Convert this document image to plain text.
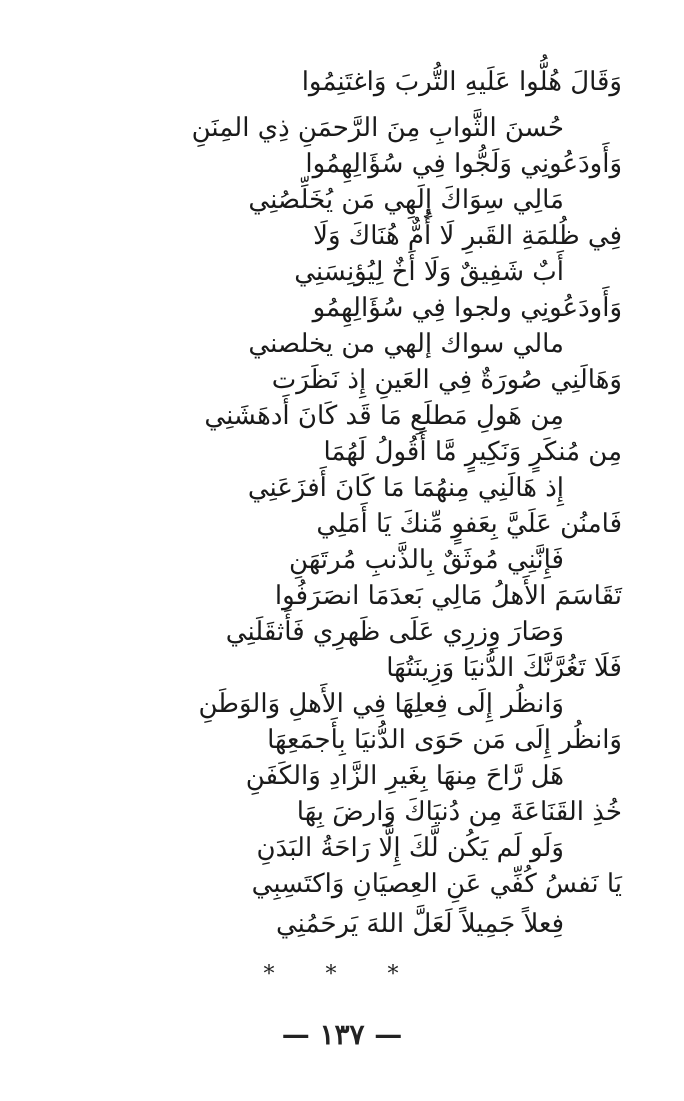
وَقَالَ هُلُّوا عَلَيهِ التُّربَ وَاغتَنِمُوا
حُسنَ الثَّوابِ مِنَ الرَّحمَنِ ذِي المِنَنِ
وَأَودَعُونِي وَلَجُّوا فِي سُؤَالِهِمُوا
مَالِي سِوَاكَ إِلَهِي مَن يُخَلِّصُنِي
فِي ظُلمَةِ القَبرِ لَا أُمٌّ هُنَاكَ وَلَا
أَبٌ شَفِيقٌ وَلَا أَخٌ لِيُؤنِسَنِي
وَأَودَعُونِي ولجوا فِي سُؤَالِهِمُو
مالي سواك إلهي من يخلصني
وَهَالَنِي صُورَةٌ فِي العَينِ إِذ نَظَرَت
مِن هَولِ مَطلَعِ مَا قَد كَانَ أَدهَشَنِي
مِن مُنكَرٍ وَنَكِيرٍ مَّا أَقُولُ لَهُمَا
إِذ هَالَنِي مِنهُمَا مَا كَانَ أَفزَعَنِي
فَامنُن عَلَيَّ بِعَفوٍ مِّنكَ يَا أَمَلِي
فَإِنَّنِي مُوثَقٌ بِالذَّنبِ مُرتَهَنِ
تَقَاسَمَ الأَهلُ مَالِي بَعدَمَا انصَرَفُوا
وَصَارَ وِزرِي عَلَى ظَهرِي فَأَثقَلَنِي
فَلَا تَغُرَّنَّكَ الدُّنيَا وَزِينَتُهَا
وَانظُر إِلَى فِعلِهَا فِي الأَهلِ وَالوَطَنِ
وَانظُر إِلَى مَن حَوَى الدُّنيَا بِأَجمَعِهَا
هَل رَّاحَ مِنهَا بِغَيرِ الزَّادِ وَالكَفَنِ
خُذِ القَنَاعَةَ مِن دُنيَاكَ وَارضَ بِهَا
وَلَو لَم يَكُن لَّكَ إِلَّا رَاحَةُ البَدَنِ
يَا نَفسُ كُفِّي عَنِ العِصيَانِ وَاكتَسِبِي
فِعلاً جَمِيلاً لَعَلَّ اللهَ يَرحَمُنِي
* * *
— ١٣٧ —
